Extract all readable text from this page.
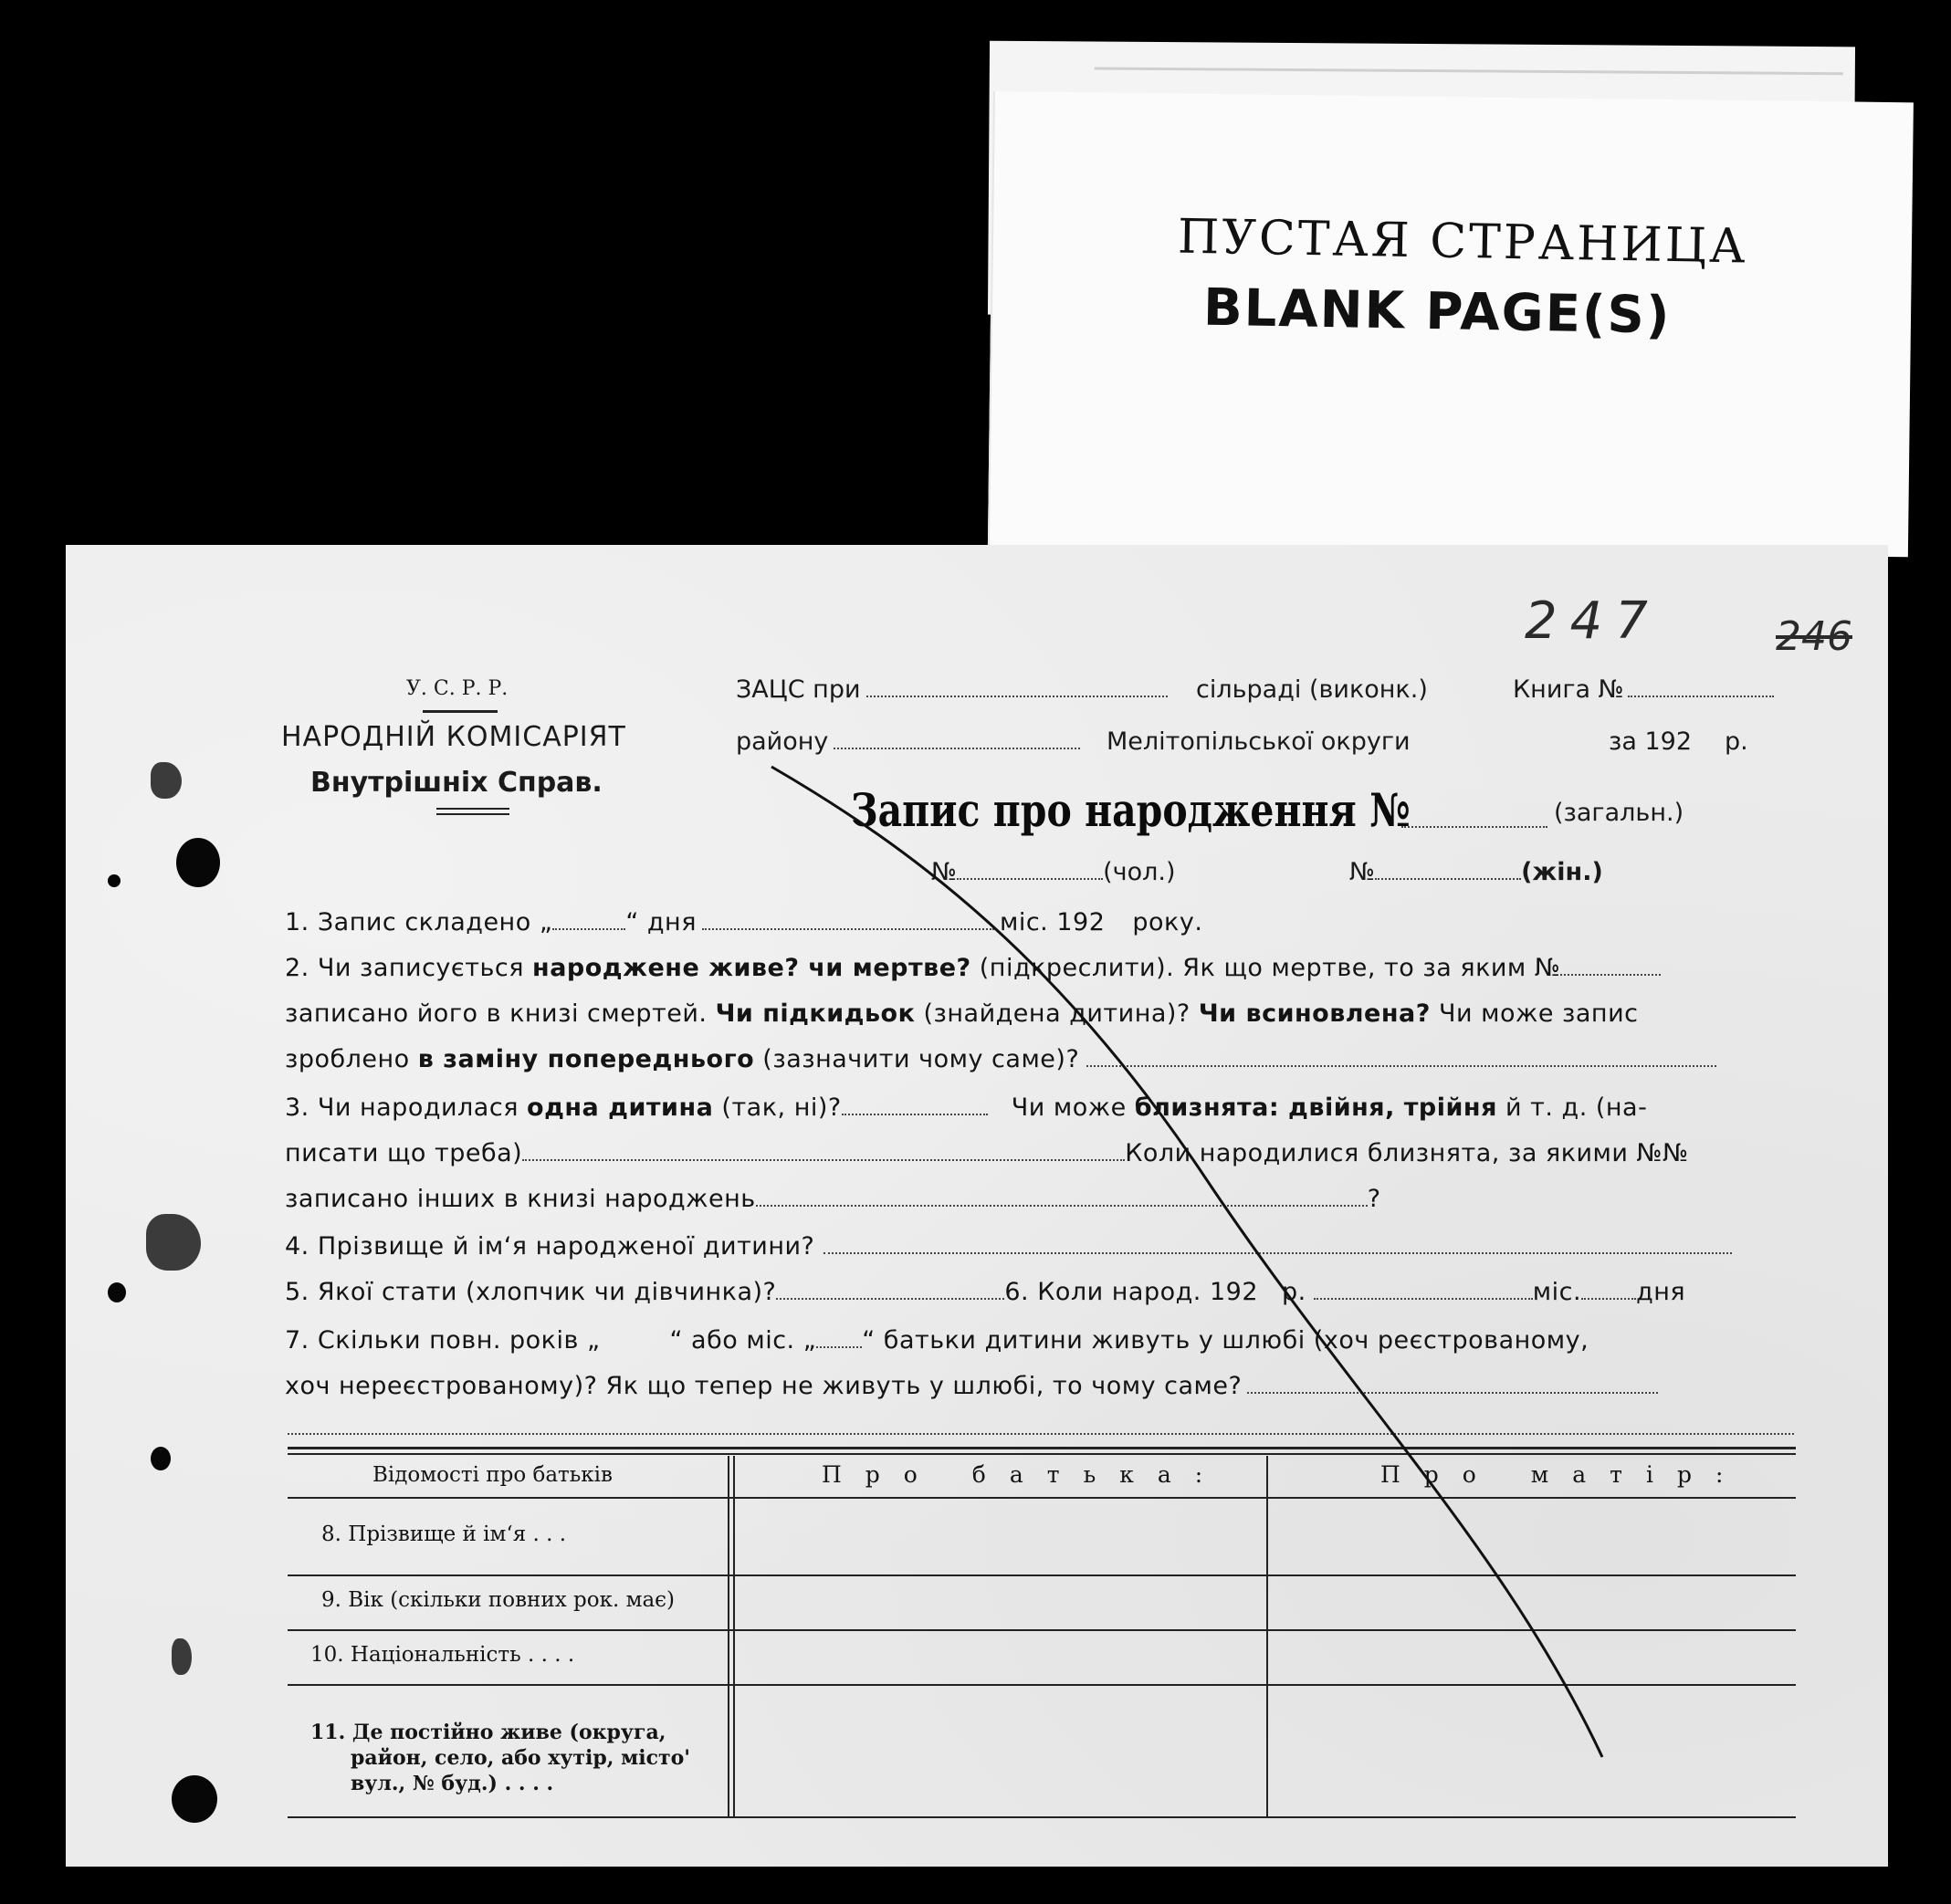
ПУСТАЯ СТРАНИЦА
BLANK PAGE(S)
247	246
У. С. Р. Р.
НАРОДНІЙ КОМІСАРІЯТ
Внутрішніх Справ.
ЗАЦС при	сільраді (виконк.)	Книга №
району	Мелітопільської округи	за 192 р.
Запис про народження №	(загальн.)
№	(чол.)	№	(жін.)
1. Запис складено „	“ дня	міс. 192 року.
2. Чи записується народжене живе? чи мертве? (підкреслити). Як що мертве, то за яким №
записано його в книзі смертей. Чи підкидьок (знайдена дитина)? Чи всиновлена? Чи може запис
зроблено в заміну попереднього (зазначити чому саме)?
3. Чи народилася одна дитина (так, ні)?	Чи може близнята: двійня, трійня й т. д. (на-
писати що треба)	Коли народилися близнята, за якими №№
записано інших в книзі народжень	?
4. Прізвище й ім‘я народженої дитини?
5. Якої стати (хлопчик чи дівчинка)?	6. Коли народ. 192 р.	міс. дня
7. Скільки повн. років „	“ або міс. „ “ батьки дитини живуть у шлюбі (хоч реєстрованому,
хоч нереєстрованому)? Як що тепер не живуть у шлюбі, то чому саме?
Відомості про батьків	Про батька:	Про матір:
8. Прізвище й ім‘я . . .
9. Вік (скільки повних рок. має)
10. Національність . . . .
11. Де постійно живе (округа,
район, село, або хутір, місто'
вул., № буд.) . . . .
